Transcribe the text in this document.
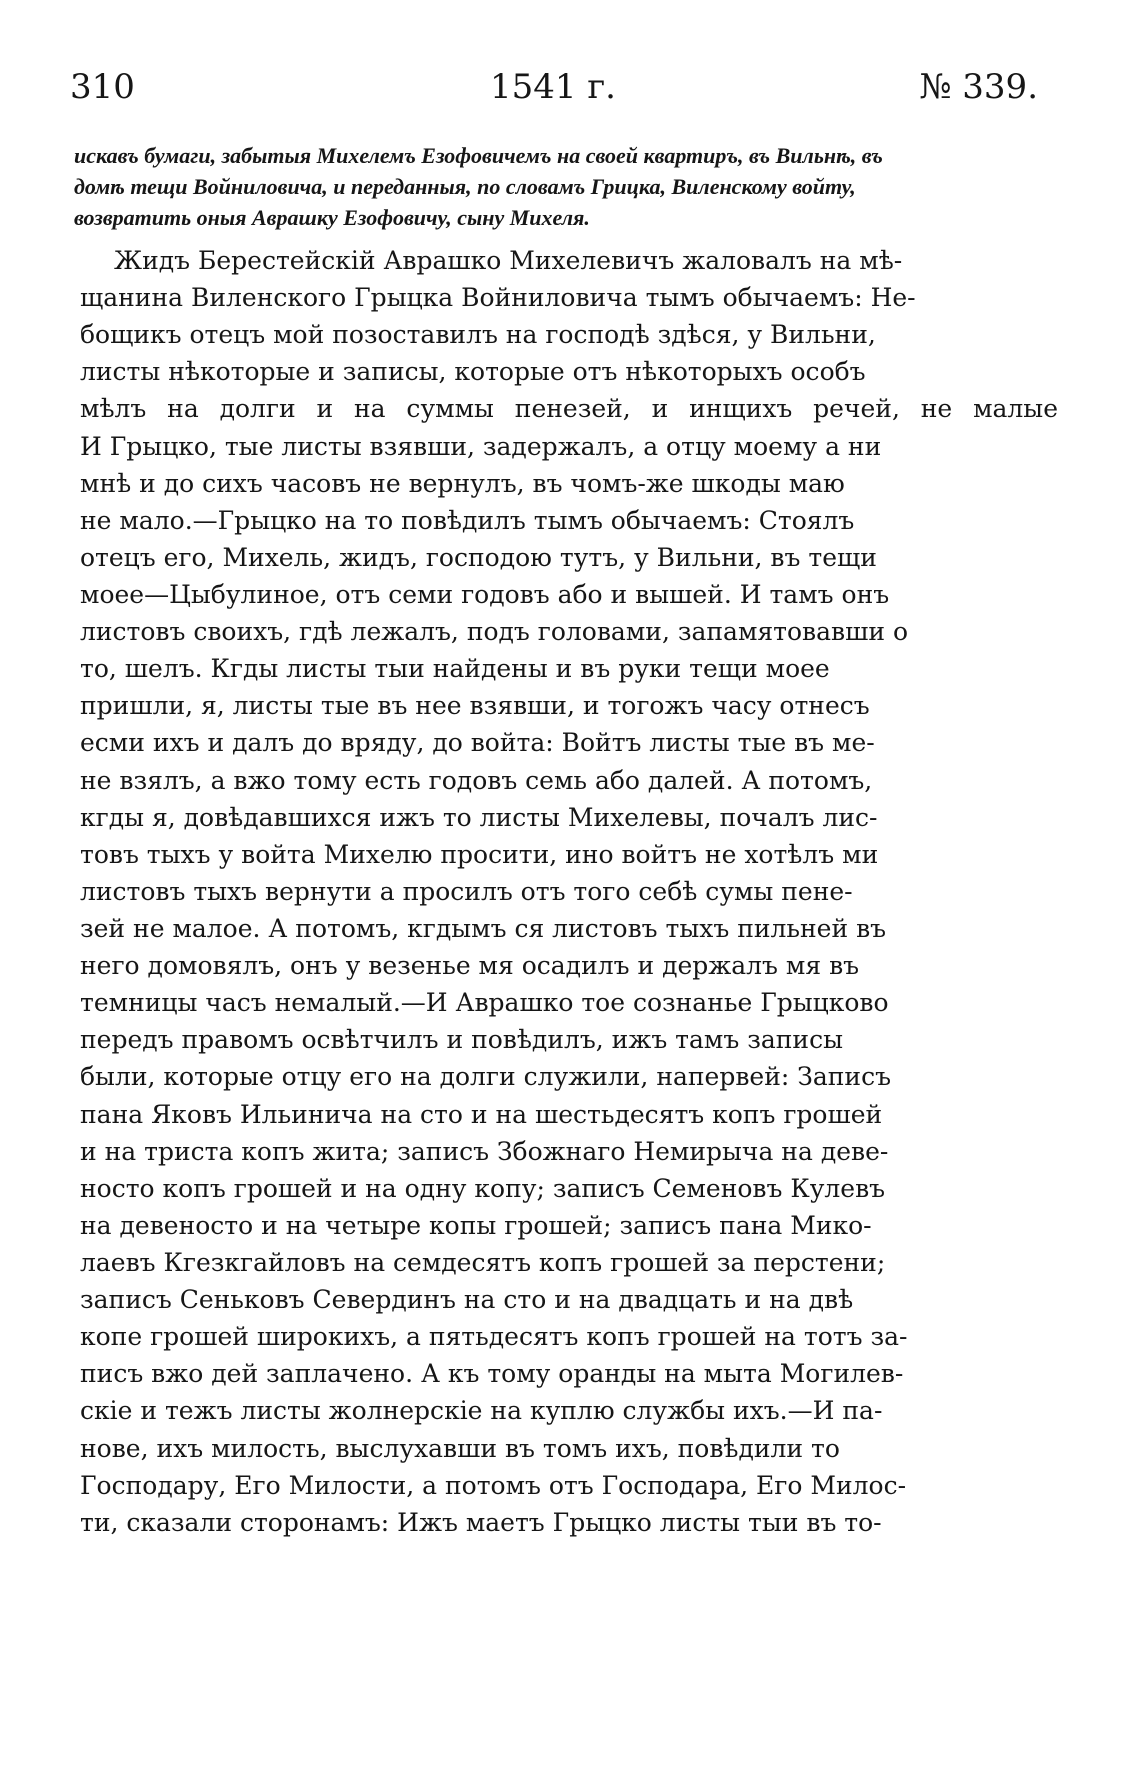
310	1541 г.	№ 339.
искавъ бумаги, забытыя Михелемъ Езофовичемъ на своей квартиръ, въ Вильнѣ, въ
домѣ тещи Войниловича, и переданныя, по словамъ Грицка, Виленскому войту,
возвратить оныя Аврашку Езофовичу, сыну Михеля.
Жидъ Берестейскій Аврашко Михелевичъ жаловалъ на мѣ-
щанина Виленского Грыцка Войниловича тымъ обычаемъ: Не-
бощикъ отецъ мой позоставилъ на господѣ здѣся, у Вильни,
листы нѣкоторые и записы, которые отъ нѣкоторыхъ особъ
мѣлъ на долги и на суммы пенезей, и инщихъ речей, не малые
И Грыцко, тые листы взявши, задержалъ, а отцу моему а ни
мнѣ и до сихъ часовъ не вернулъ, въ чомъ-же шкоды маю
не мало.—Грыцко на то повѣдилъ тымъ обычаемъ: Стоялъ
отецъ его, Михель, жидъ, господою тутъ, у Вильни, въ тещи
моее—Цыбулиное, отъ семи годовъ або и вышей. И тамъ онъ
листовъ своихъ, гдѣ лежалъ, подъ головами, запамятовавши о
то, шелъ. Кгды листы тыи найдены и въ руки тещи моее
пришли, я, листы тые въ нее взявши, и тогожъ часу отнесъ
есми ихъ и далъ до вряду, до войта: Войтъ листы тые въ ме-
не взялъ, а вжо тому есть годовъ семь або далей. А потомъ,
кгды я, довѣдавшихся ижъ то листы Михелевы, почалъ лис-
товъ тыхъ у войта Михелю просити, ино войтъ не хотѣлъ ми
листовъ тыхъ вернути а просилъ отъ того себѣ сумы пене-
зей не малое. А потомъ, кгдымъ ся листовъ тыхъ пильней въ
него домовялъ, онъ у везенье мя осадилъ и держалъ мя въ
темницы часъ немалый.—И Аврашко тое сознанье Грыцково
передъ правомъ освѣтчилъ и повѣдилъ, ижъ тамъ записы
были, которые отцу его на долги служили, напервей: Записъ
пана Яковъ Ильинича на сто и на шестьдесятъ копъ грошей
и на триста копъ жита; записъ Збожнаго Немирыча на деве-
носто копъ грошей и на одну копу; записъ Семеновъ Кулевъ
на девеносто и на четыре копы грошей; записъ пана Мико-
лаевъ Кгезкгайловъ на семдесятъ копъ грошей за перстени;
записъ Сеньковъ Севердинъ на сто и на двадцать и на двѣ
копе грошей широкихъ, а пятьдесятъ копъ грошей на тотъ за-
писъ вжо дей заплачено. А къ тому оранды на мыта Могилев-
скіе и тежъ листы жолнерскіе на куплю службы ихъ.—И па-
нове, ихъ милость, выслухавши въ томъ ихъ, повѣдили то
Господару, Его Милости, а потомъ отъ Господара, Его Милос-
ти, сказали сторонамъ: Ижъ маетъ Грыцко листы тыи въ то-
